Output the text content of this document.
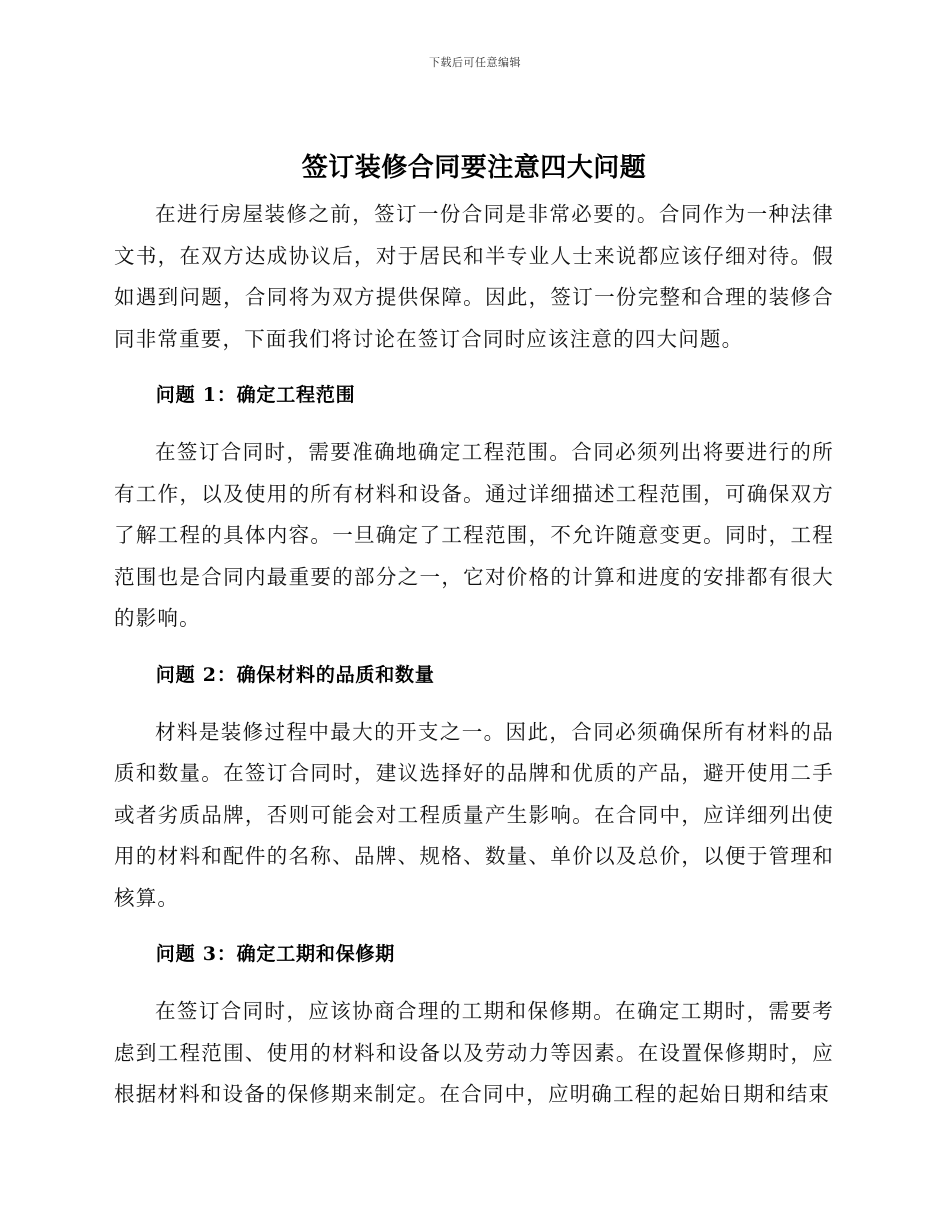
下载后可任意编辑
签订装修合同要注意四大问题

在进行房屋装修之前，签订一份合同是非常必要的。合同作为一种法律文书，在双方达成协议后，对于居民和半专业人士来说都应该仔细对待。假如遇到问题，合同将为双方提供保障。因此，签订一份完整和合理的装修合同非常重要，下面我们将讨论在签订合同时应该注意的四大问题。

问题 1：确定工程范围

在签订合同时，需要准确地确定工程范围。合同必须列出将要进行的所有工作，以及使用的所有材料和设备。通过详细描述工程范围，可确保双方了解工程的具体内容。一旦确定了工程范围，不允许随意变更。同时，工程范围也是合同内最重要的部分之一，它对价格的计算和进度的安排都有很大的影响。

问题 2：确保材料的品质和数量

材料是装修过程中最大的开支之一。因此，合同必须确保所有材料的品质和数量。在签订合同时，建议选择好的品牌和优质的产品，避开使用二手或者劣质品牌，否则可能会对工程质量产生影响。在合同中，应详细列出使用的材料和配件的名称、品牌、规格、数量、单价以及总价，以便于管理和核算。

问题 3：确定工期和保修期

在签订合同时，应该协商合理的工期和保修期。在确定工期时，需要考虑到工程范围、使用的材料和设备以及劳动力等因素。在设置保修期时，应根据材料和设备的保修期来制定。在合同中，应明确工程的起始日期和结束
